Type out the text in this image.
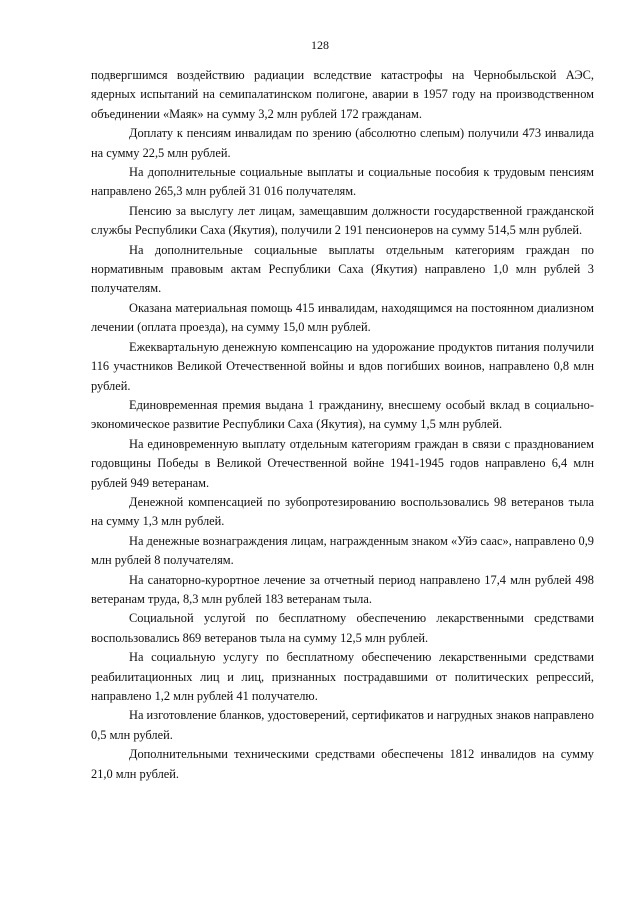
128

подвергшимся воздействию радиации вследствие катастрофы на Чернобыльской АЭС, ядерных испытаний на семипалатинском полигоне, аварии в 1957 году на производственном объединении «Маяк» на сумму 3,2 млн рублей 172 гражданам.

Доплату к пенсиям инвалидам по зрению (абсолютно слепым) получили 473 инвалида на сумму 22,5 млн рублей.

На дополнительные социальные выплаты и социальные пособия к трудовым пенсиям направлено 265,3 млн рублей 31 016 получателям.

Пенсию за выслугу лет лицам, замещавшим должности государственной гражданской службы Республики Саха (Якутия), получили 2 191 пенсионеров на сумму 514,5 млн рублей.

На дополнительные социальные выплаты отдельным категориям граждан по нормативным правовым актам Республики Саха (Якутия) направлено 1,0 млн рублей 3 получателям.

Оказана материальная помощь 415 инвалидам, находящимся на постоянном диализном лечении (оплата проезда), на сумму 15,0 млн рублей.

Ежеквартальную денежную компенсацию на удорожание продуктов питания получили 116 участников Великой Отечественной войны и вдов погибших воинов, направлено 0,8 млн рублей.

Единовременная премия выдана 1 гражданину, внесшему особый вклад в социально-экономическое развитие Республики Саха (Якутия), на сумму 1,5 млн рублей.

На единовременную выплату отдельным категориям граждан в связи с празднованием годовщины Победы в Великой Отечественной войне 1941-1945 годов направлено 6,4 млн рублей 949 ветеранам.

Денежной компенсацией по зубопротезированию воспользовались 98 ветеранов тыла на сумму 1,3 млн рублей.

На денежные вознаграждения лицам, награжденным знаком «Уйэ саас», направлено 0,9 млн рублей 8 получателям.

На санаторно-курортное лечение за отчетный период направлено 17,4 млн рублей 498 ветеранам труда, 8,3 млн рублей 183 ветеранам тыла.

Социальной услугой по бесплатному обеспечению лекарственными средствами воспользовались 869 ветеранов тыла на сумму 12,5 млн рублей.

На социальную услугу по бесплатному обеспечению лекарственными средствами реабилитационных лиц и лиц, признанных пострадавшими от политических репрессий, направлено 1,2 млн рублей 41 получателю.

На изготовление бланков, удостоверений, сертификатов и нагрудных знаков направлено 0,5 млн рублей.

Дополнительными техническими средствами обеспечены 1812 инвалидов на сумму 21,0 млн рублей.
